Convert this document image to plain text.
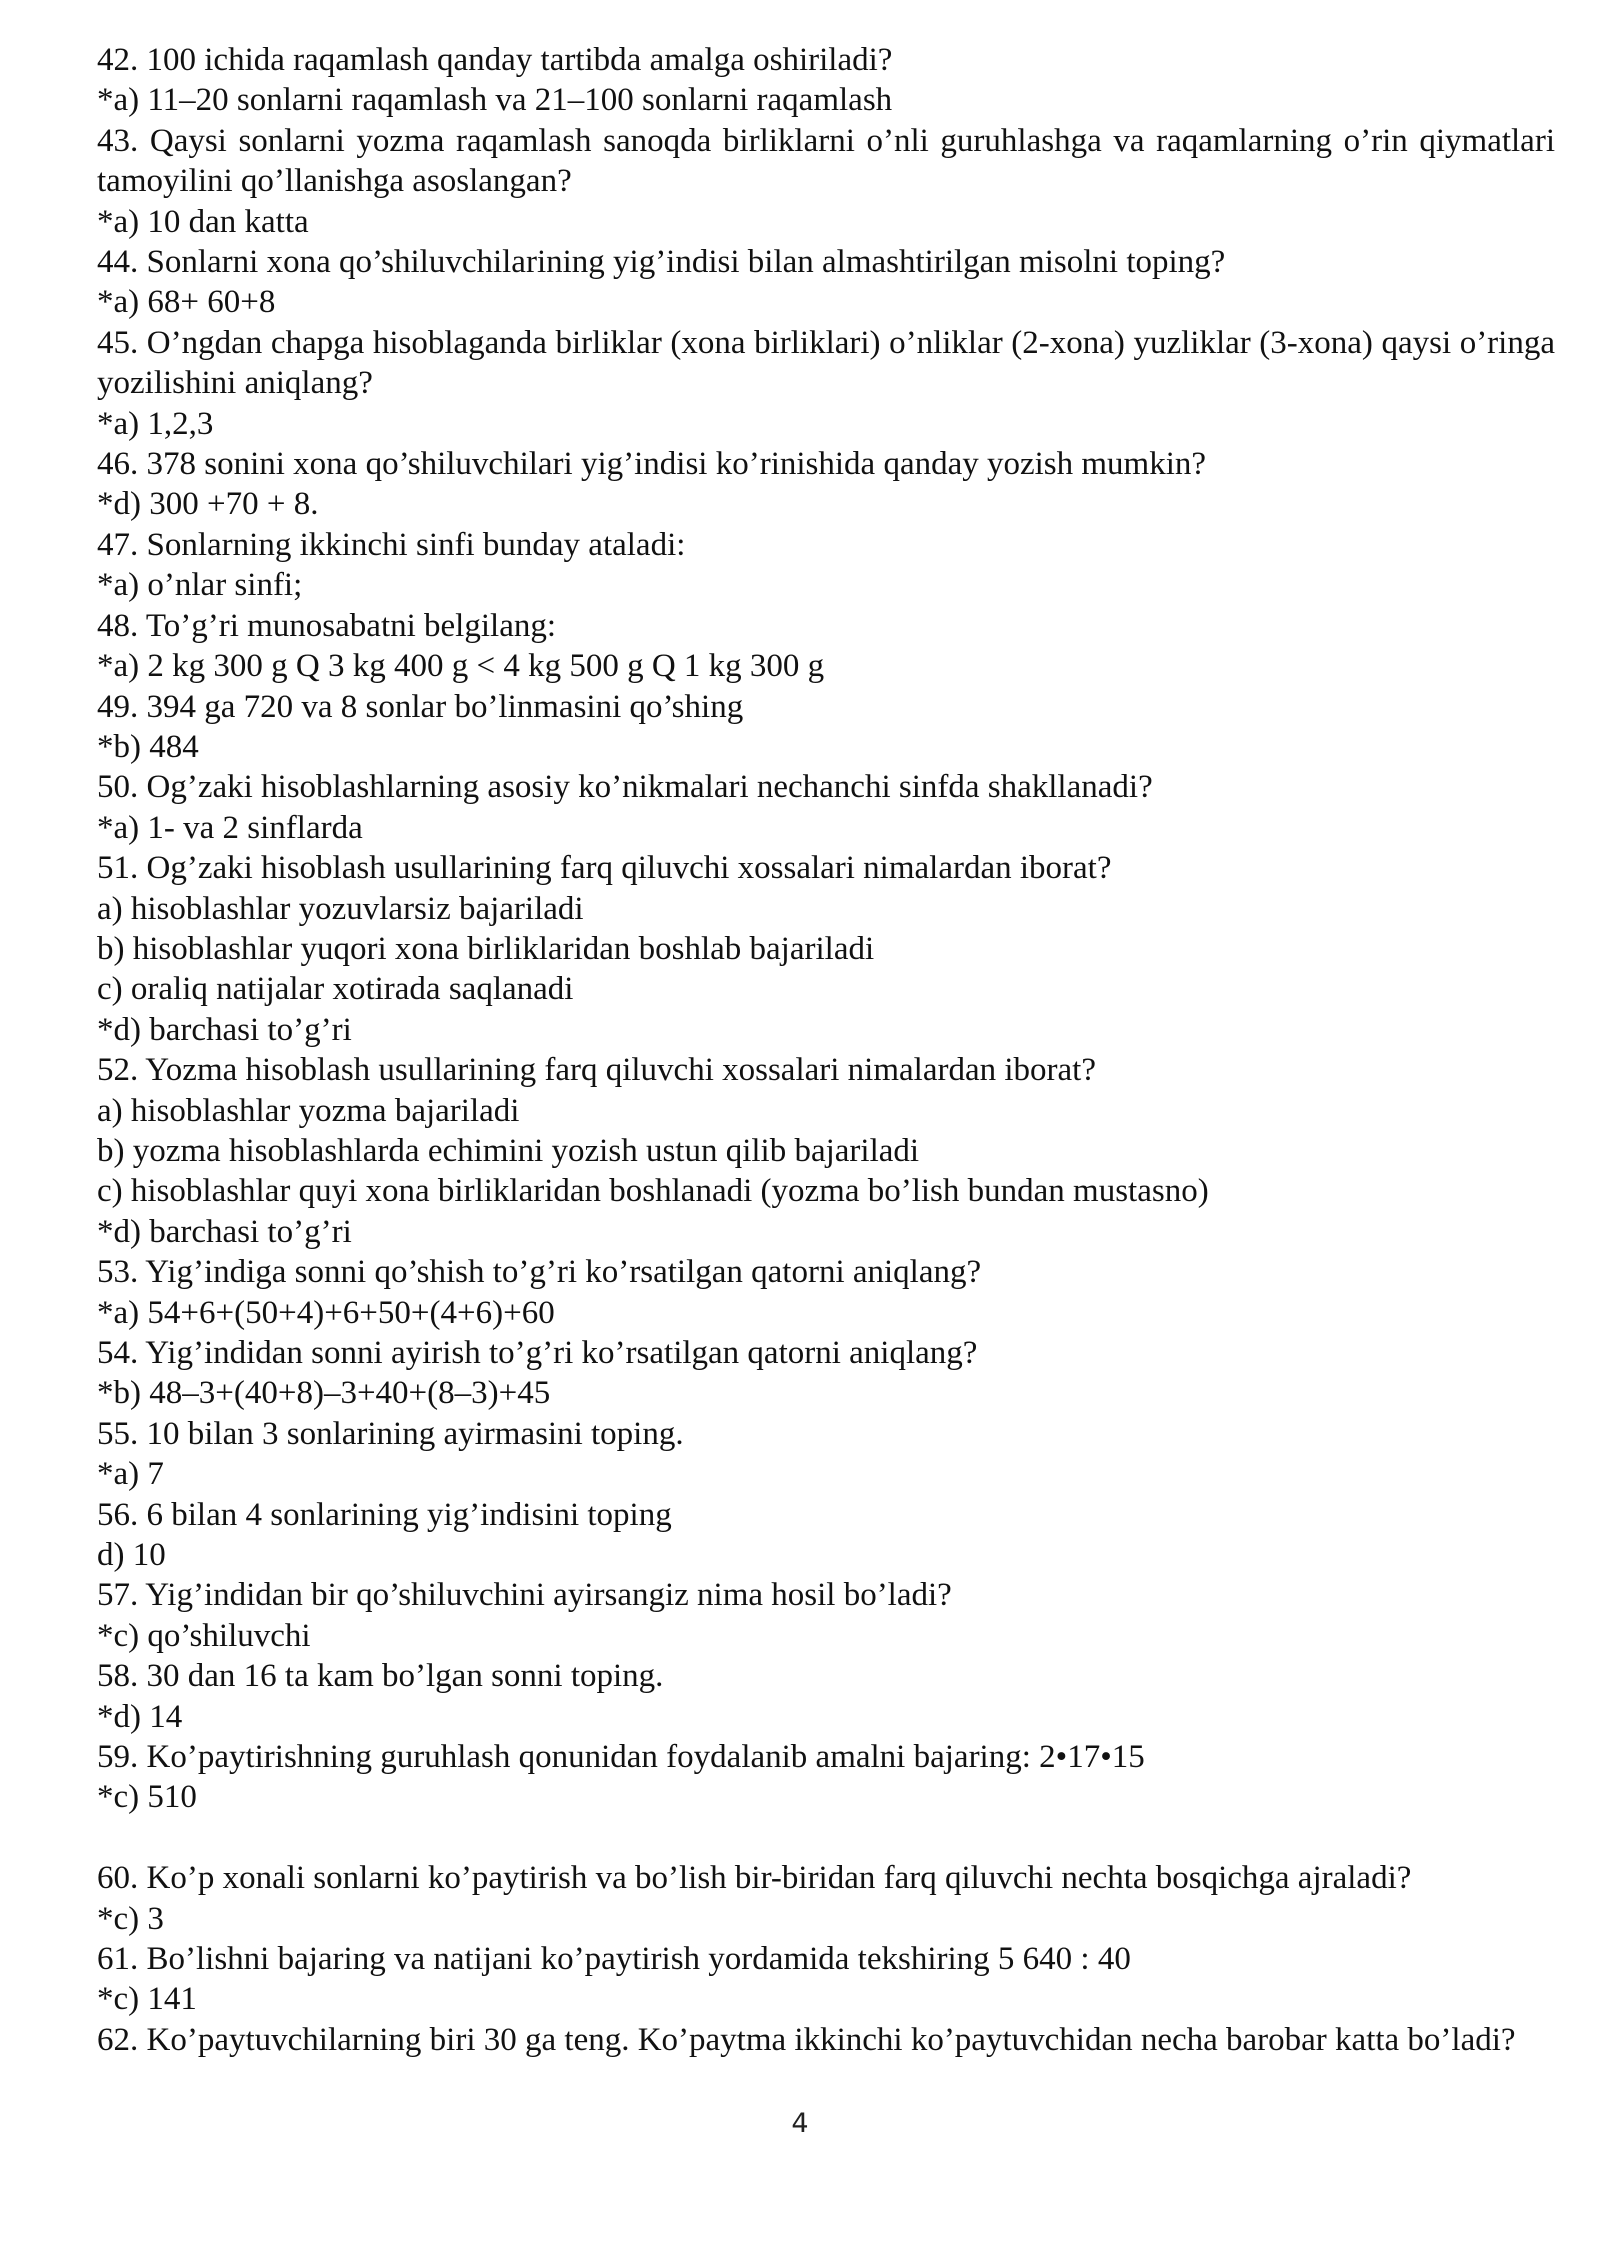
42. 100 ichida raqamlash qanday tartibda amalga oshiriladi?
*a) 11–20 sonlarni raqamlash va 21–100 sonlarni raqamlash
43. Qaysi sonlarni yozma raqamlash sanoqda birliklarni o’nli guruhlashga va raqamlarning o’rin qiymatlari tamoyilini qo’llanishga asoslangan?
*a) 10 dan katta
44. Sonlarni xona qo’shiluvchilarining yig’indisi bilan almashtirilgan misolni toping?
*a) 68+ 60+8
45. O’ngdan chapga hisoblaganda birliklar (xona birliklari) o’nliklar (2-xona) yuzliklar (3-xona) qaysi o’ringa yozilishini aniqlang?
*a) 1,2,3
46. 378 sonini xona qo’shiluvchilari yig’indisi ko’rinishida qanday yozish mumkin?
*d) 300 +70 + 8.
47. Sonlarning ikkinchi sinfi bunday ataladi:
*a) o’nlar sinfi;
48. To’g’ri munosabatni belgilang:
*a) 2 kg 300 g Q 3 kg 400 g < 4 kg 500 g Q 1 kg 300 g
49. 394 ga 720 va 8 sonlar bo’linmasini qo’shing
*b) 484
50. Og’zaki hisoblashlarning asosiy ko’nikmalari nechanchi sinfda shakllanadi?
*a) 1- va 2 sinflarda
51. Og’zaki hisoblash usullarining farq qiluvchi xossalari nimalardan iborat?
a) hisoblashlar yozuvlarsiz bajariladi
b) hisoblashlar yuqori xona birliklaridan boshlab bajariladi
c) oraliq natijalar xotirada saqlanadi
*d) barchasi to’g’ri
52. Yozma hisoblash usullarining farq qiluvchi xossalari nimalardan iborat?
a) hisoblashlar yozma bajariladi
b) yozma hisoblashlarda echimini yozish ustun qilib bajariladi
c) hisoblashlar quyi xona birliklaridan boshlanadi (yozma bo’lish bundan mustasno)
*d) barchasi to’g’ri
53. Yig’indiga sonni qo’shish to’g’ri ko’rsatilgan qatorni aniqlang?
*a) 54+6+(50+4)+6+50+(4+6)+60
54. Yig’indidan sonni ayirish to’g’ri ko’rsatilgan qatorni aniqlang?
*b) 48–3+(40+8)–3+40+(8–3)+45
55. 10 bilan 3 sonlarining ayirmasini toping.
*a) 7
56. 6 bilan 4 sonlarining yig’indisini toping
d) 10
57. Yig’indidan bir qo’shiluvchini ayirsangiz nima hosil bo’ladi?
*c) qo’shiluvchi
58. 30 dan 16 ta kam bo’lgan sonni toping.
*d) 14
59. Ko’paytirishning guruhlash qonunidan foydalanib amalni bajaring: 2•17•15
*c) 510
60. Ko’p xonali sonlarni ko’paytirish va bo’lish bir-biridan farq qiluvchi nechta bosqichga ajraladi?
*c) 3
61. Bo’lishni bajaring va natijani ko’paytirish yordamida tekshiring 5 640 : 40
*c) 141
62. Ko’paytuvchilarning biri 30 ga teng. Ko’paytma ikkinchi ko’paytuvchidan necha barobar katta bo’ladi?
4
